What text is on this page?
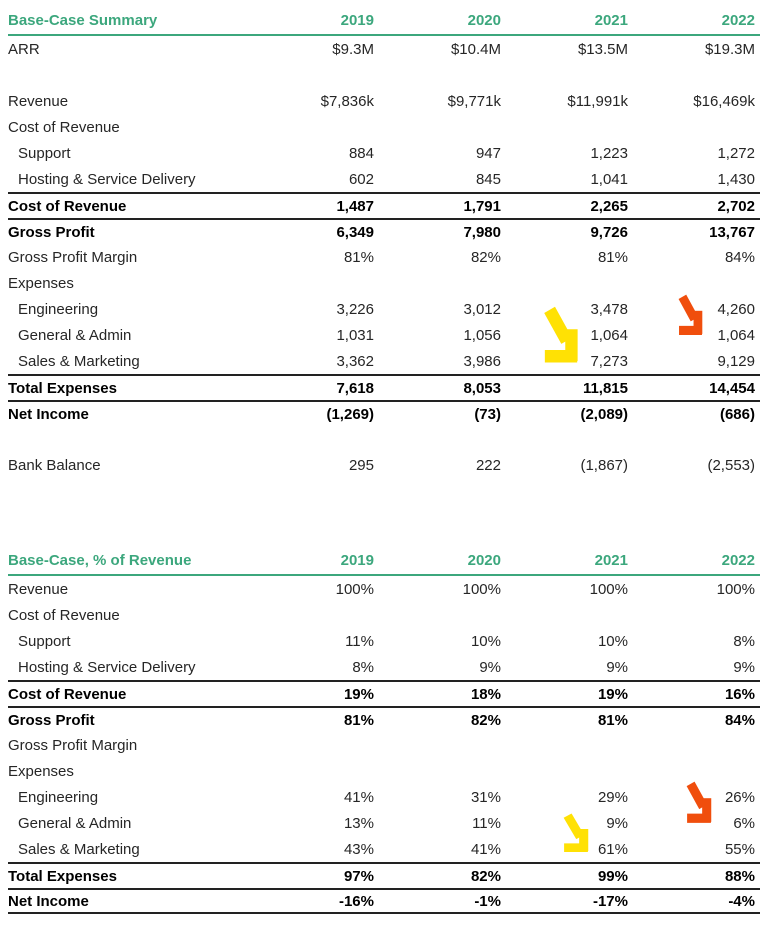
Base-Case Summary	2019	2020	2021	2022
ARR	$9.3M	$10.4M	$13.5M	$19.3M
Revenue	$7,836k	$9,771k	$11,991k	$16,469k
Cost of Revenue
Support	884	947	1,223	1,272
Hosting & Service Delivery	602	845	1,041	1,430
Cost of Revenue	1,487	1,791	2,265	2,702
Gross Profit	6,349	7,980	9,726	13,767
Gross Profit Margin	81%	82%	81%	84%
Expenses
Engineering	3,226	3,012	3,478	4,260
General & Admin	1,031	1,056	1,064	1,064
Sales & Marketing	3,362	3,986	7,273	9,129
Total Expenses	7,618	8,053	11,815	14,454
Net Income	(1,269)	(73)	(2,089)	(686)
Bank Balance	295	222	(1,867)	(2,553)
Base-Case, % of Revenue	2019	2020	2021	2022
Revenue	100%	100%	100%	100%
Cost of Revenue
Support	11%	10%	10%	8%
Hosting & Service Delivery	8%	9%	9%	9%
Cost of Revenue	19%	18%	19%	16%
Gross Profit	81%	82%	81%	84%
Gross Profit Margin
Expenses
Engineering	41%	31%	29%	26%
General & Admin	13%	11%	9%	6%
Sales & Marketing	43%	41%	61%	55%
Total Expenses	97%	82%	99%	88%
Net Income	-16%	-1%	-17%	-4%
